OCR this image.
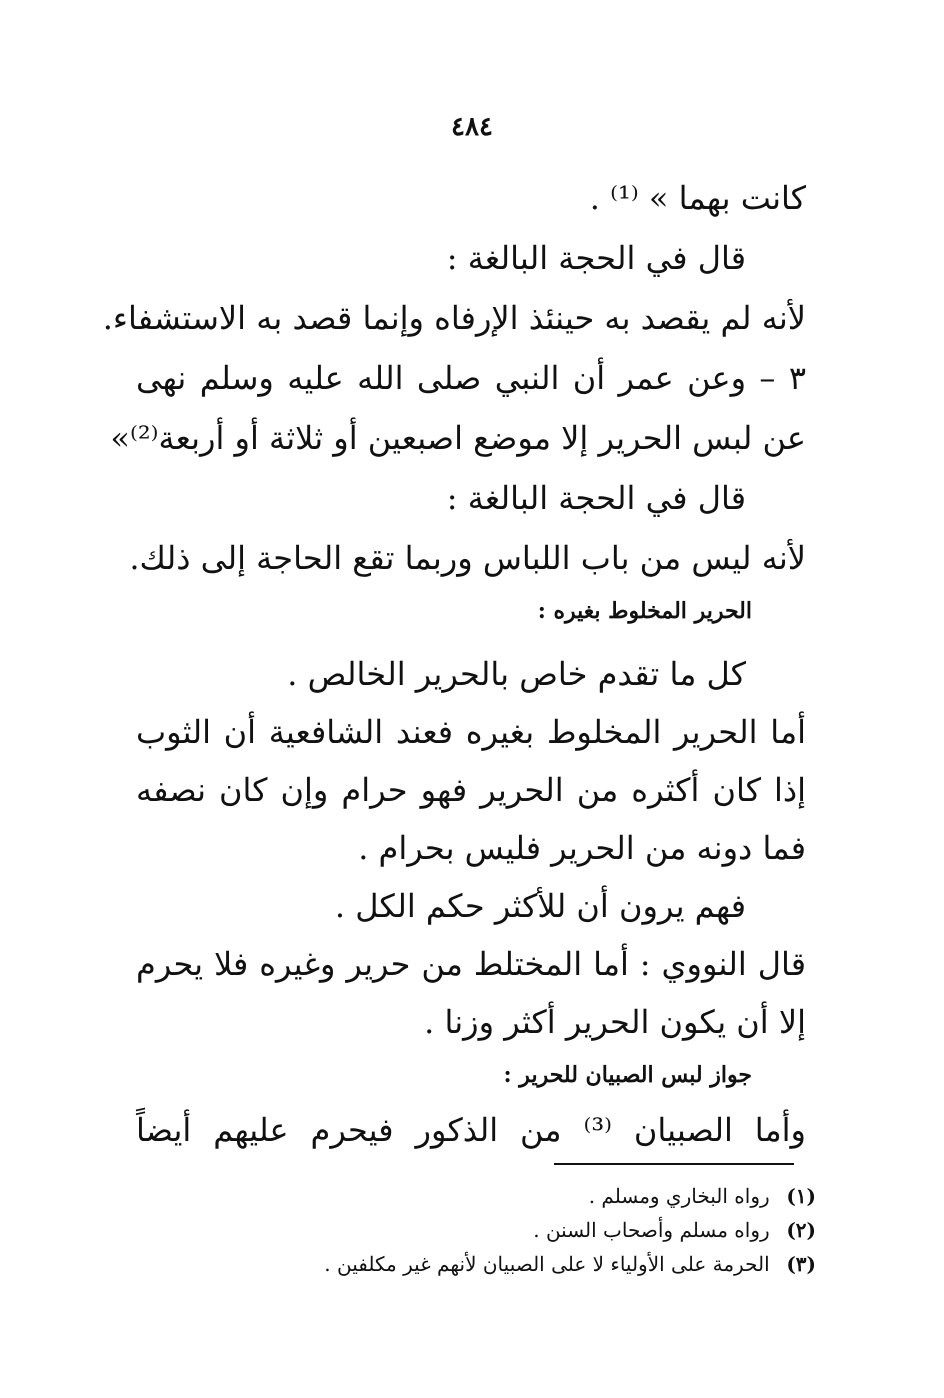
٤٨٤
كانت بهما » ⁽¹⁾ .
قال في الحجة البالغة :
لأنه لم يقصد به حينئذ الإرفاه وإنما قصد به الاستشفاء.
٣ – وعن عمر أن النبي صلى الله عليه وسلم نهى
عن لبس الحرير إلا موضع اصبعين أو ثلاثة أو أربعة⁽²⁾»
قال في الحجة البالغة :
لأنه ليس من باب اللباس وربما تقع الحاجة إلى ذلك.
الحرير المخلوط بغيره :
كل ما تقدم خاص بالحرير الخالص .
أما الحرير المخلوط بغيره فعند الشافعية أن الثوب
إذا كان أكثره من الحرير فهو حرام وإن كان نصفه
فما دونه من الحرير فليس بحرام .
فهم يرون أن للأكثر حكم الكل .
قال النووي : أما المختلط من حرير وغيره فلا يحرم
إلا أن يكون الحرير أكثر وزنا .
جواز لبس الصبيان للحرير :
وأما الصبيان ⁽³⁾ من الذكور فيحرم عليهم أيضاً
(١) رواه البخاري ومسلم .
(٢) رواه مسلم وأصحاب السنن .
(٣) الحرمة على الأولياء لا على الصبيان لأنهم غير مكلفين .
